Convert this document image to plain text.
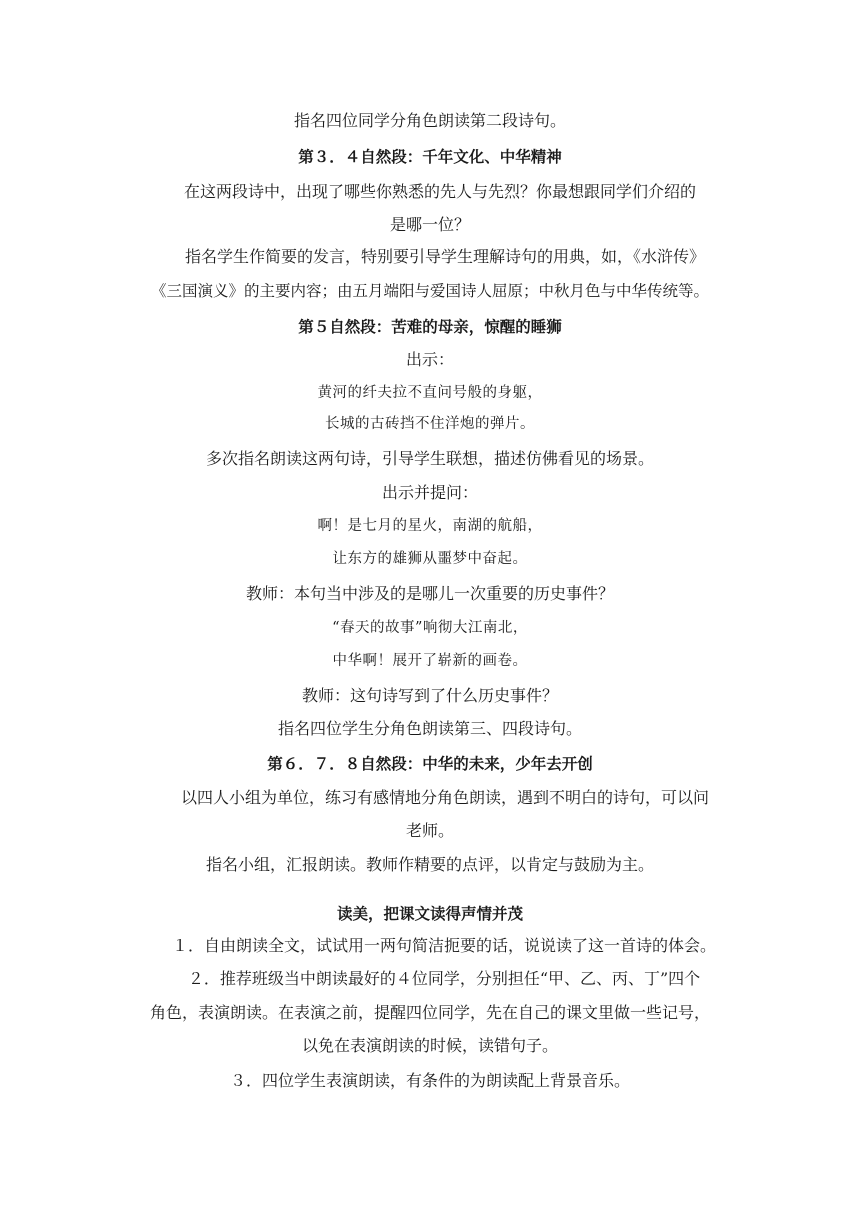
指名四位同学分角色朗读第二段诗句。
第３．４自然段：千年文化、中华精神
在这两段诗中，出现了哪些你熟悉的先人与先烈？你最想跟同学们介绍的
是哪一位？
指名学生作简要的发言，特别要引导学生理解诗句的用典，如，《水浒传》
《三国演义》的主要内容；由五月端阳与爱国诗人屈原；中秋月色与中华传统等。
第５自然段：苦难的母亲，惊醒的睡狮
出示：
黄河的纤夫拉不直问号般的身躯，
长城的古砖挡不住洋炮的弹片。
多次指名朗读这两句诗，引导学生联想，描述仿佛看见的场景。
出示并提问：
啊！是七月的星火，南湖的航船，
让东方的雄狮从噩梦中奋起。
教师：本句当中涉及的是哪儿一次重要的历史事件？
“春天的故事”响彻大江南北，
中华啊！展开了崭新的画卷。
教师：这句诗写到了什么历史事件？
指名四位学生分角色朗读第三、四段诗句。
第６．７．８自然段：中华的未来，少年去开创
以四人小组为单位，练习有感情地分角色朗读，遇到不明白的诗句，可以问
老师。
指名小组，汇报朗读。教师作精要的点评，以肯定与鼓励为主。
读美，把课文读得声情并茂
１．自由朗读全文，试试用一两句简洁扼要的话，说说读了这一首诗的体会。
２．推荐班级当中朗读最好的４位同学，分别担任“甲、乙、丙、丁”四个
角色，表演朗读。在表演之前，提醒四位同学，先在自己的课文里做一些记号，
以免在表演朗读的时候，读错句子。
３．四位学生表演朗读，有条件的为朗读配上背景音乐。
